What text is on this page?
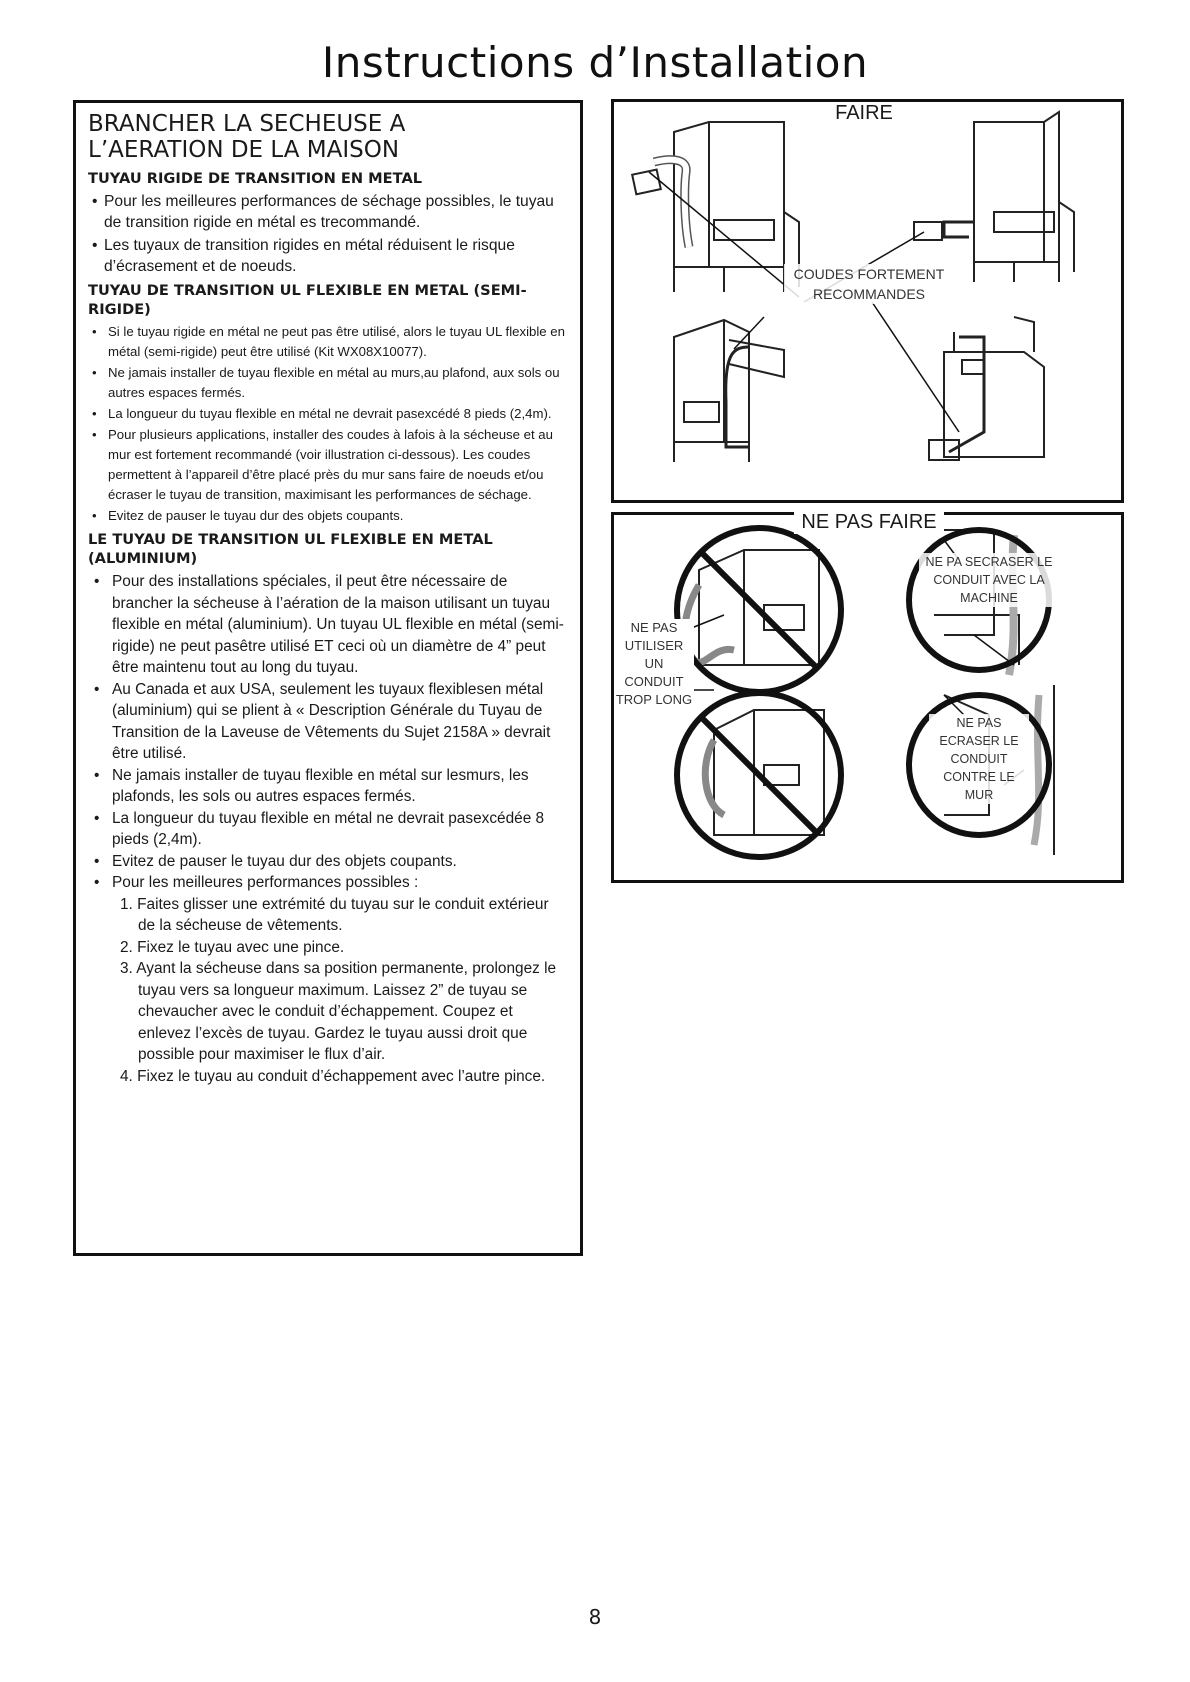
Instructions d’Installation
BRANCHER LA SECHEUSE A
L’AERATION DE LA MAISON
TUYAU RIGIDE DE TRANSITION EN METAL
• Pour les meilleures performances de séchage possibles, le tuyau de transition rigide en métal es trecommandé.
• Les tuyaux de transition rigides en métal réduisent le risque d’écrasement et de noeuds.
TUYAU DE TRANSITION UL FLEXIBLE EN METAL (SEMI-RIGIDE)
• Si le tuyau rigide en métal ne peut pas être utilisé, alors le tuyau UL flexible en métal (semi-rigide) peut être utilisé (Kit WX08X10077).
• Ne jamais installer de tuyau flexible en métal au murs,au plafond, aux sols ou autres espaces fermés.
• La longueur du tuyau flexible en métal ne devrait pasexcédé 8 pieds (2,4m).
• Pour plusieurs applications, installer des coudes à lafois à la sécheuse et au mur est fortement recommandé (voir illustration ci-dessous). Les coudes permettent à l’appareil d’être placé près du mur sans faire de noeuds et/ou écraser le tuyau de transition, maximisant les performances de séchage.
• Evitez de pauser le tuyau dur des objets coupants.
LE TUYAU DE TRANSITION UL FLEXIBLE EN METAL
(ALUMINIUM)
• Pour des installations spéciales, il peut être nécessaire de brancher la sécheuse à l’aération de la maison utilisant un tuyau flexible en métal (aluminium). Un tuyau UL flexible en métal (semi-rigide) ne peut pasêtre utilisé ET ceci où un diamètre de 4” peut être maintenu tout au long du tuyau.
• Au Canada et aux USA, seulement les tuyaux flexiblesen métal (aluminium) qui se plient à « Description Générale du Tuyau de Transition de la Laveuse de Vêtements du Sujet 2158A » devrait être utilisé.
• Ne jamais installer de tuyau flexible en métal sur lesmurs, les plafonds, les sols ou autres espaces fermés.
• La longueur du tuyau flexible en métal ne devrait pasexcédée 8 pieds (2,4m).
• Evitez de pauser le tuyau dur des objets coupants.
• Pour les meilleures performances possibles :
1. Faites glisser une extrémité du tuyau sur le conduit extérieur de la sécheuse de vêtements.
2. Fixez le tuyau avec une pince.
3. Ayant la sécheuse dans sa position permanente, prolongez le tuyau vers sa longueur maximum. Laissez 2” de tuyau se chevaucher avec le conduit d’échappement. Coupez et enlevez l’excès de tuyau. Gardez le tuyau aussi droit que possible pour maximiser le flux d’air.
4. Fixez le tuyau au conduit d’échappement avec l’autre pince.
FAIRE
COUDES FORTEMENT
RECOMMANDES
NE PAS FAIRE
NE PAS
UTILISER
UN
CONDUIT
TROP LONG
NE PA SECRASER LE
CONDUIT AVEC LA
MACHINE
NE PAS
ECRASER LE
CONDUIT
CONTRE LE
MUR
8
